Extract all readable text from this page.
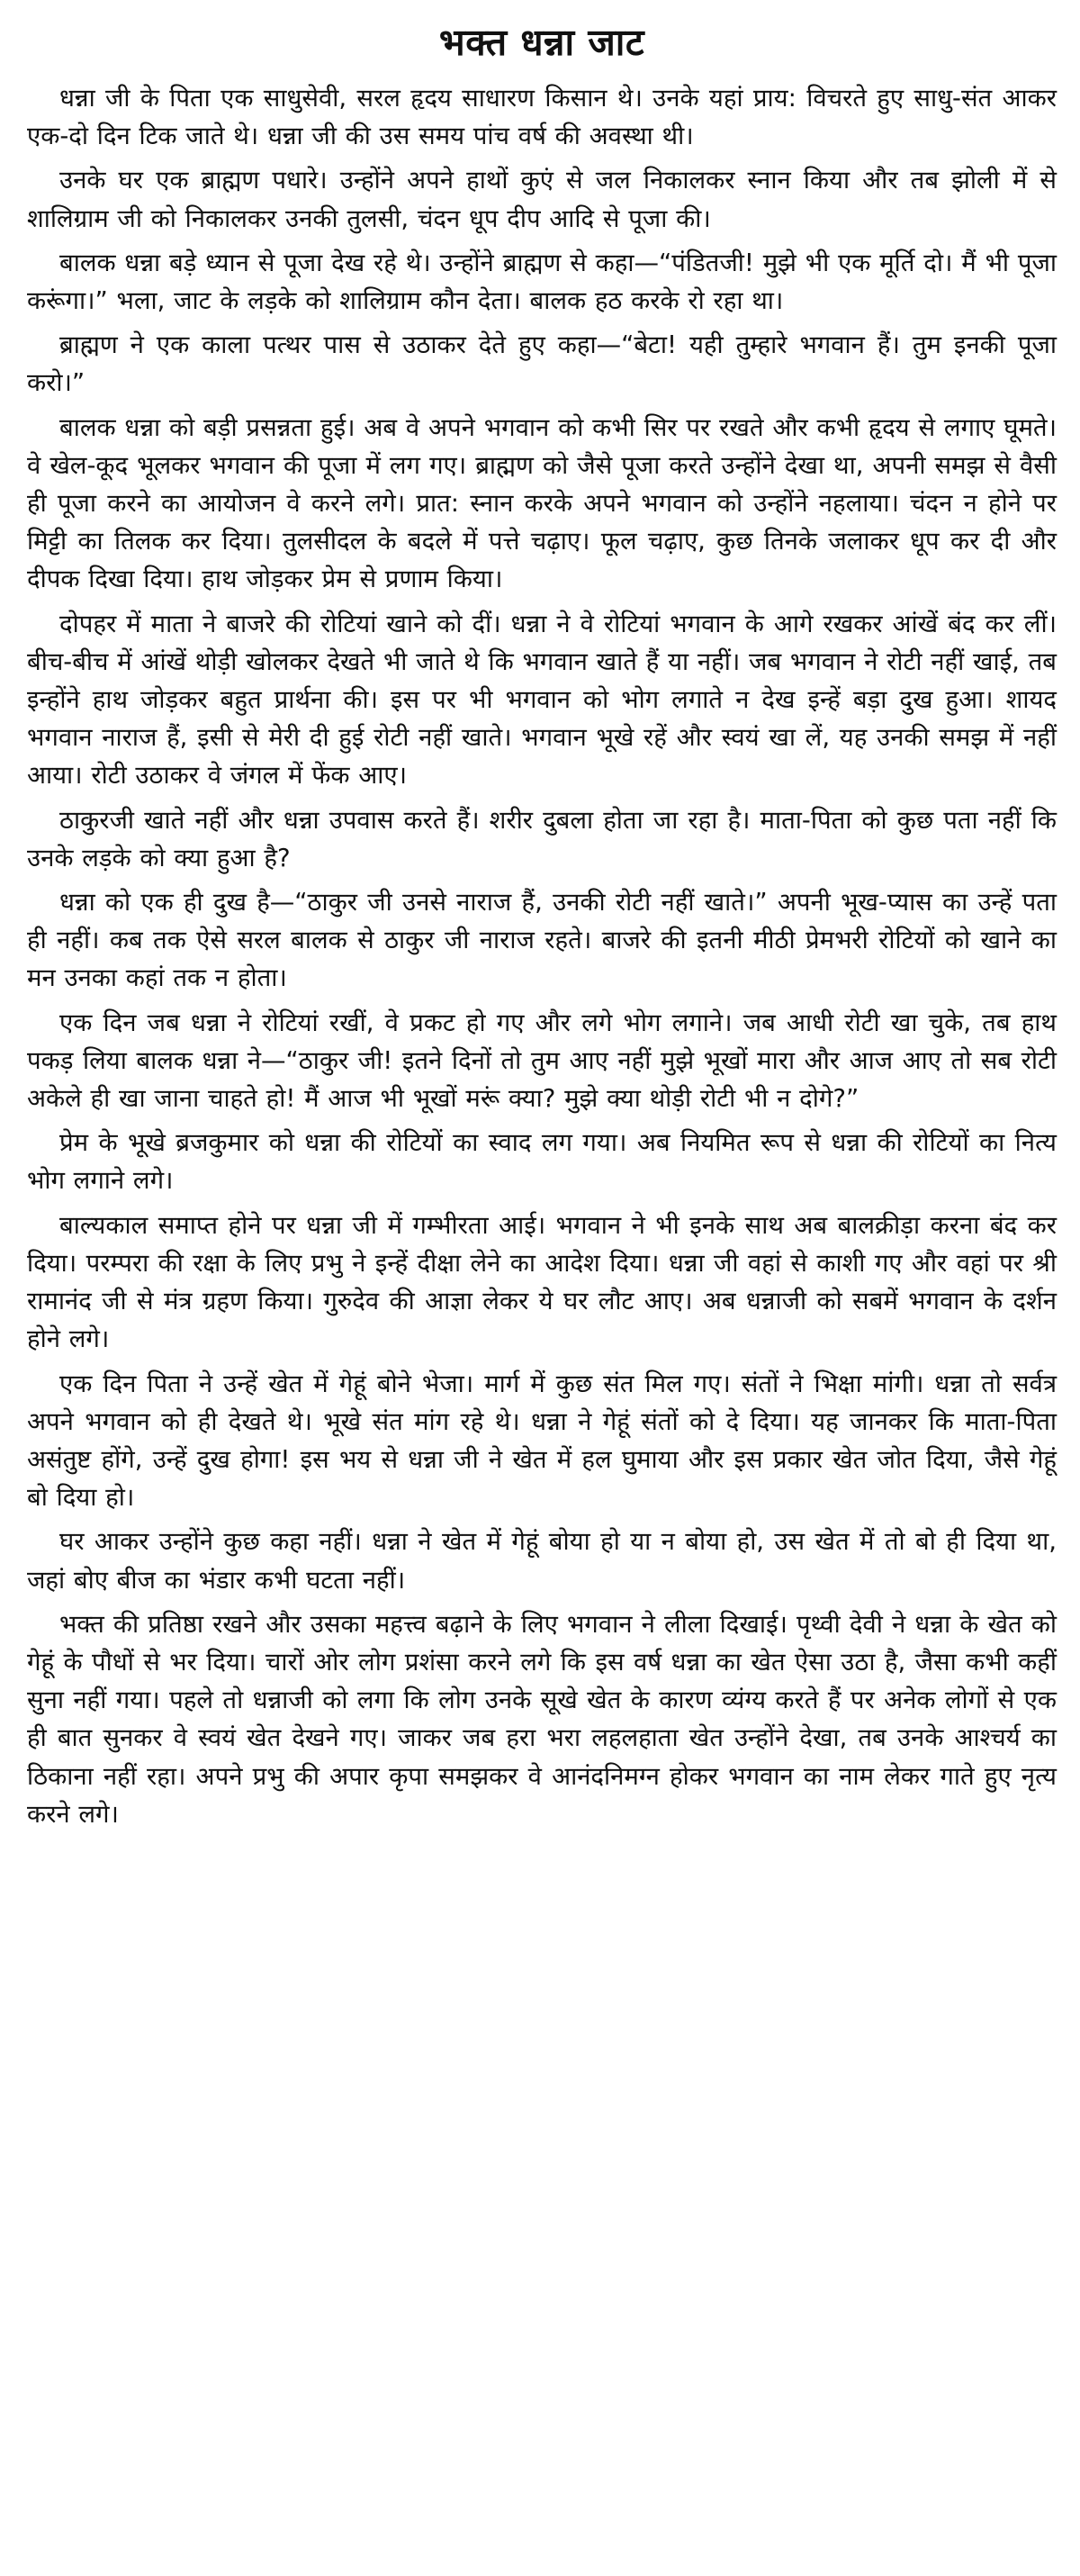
भक्त धन्ना जाट

धन्ना जी के पिता एक साधुसेवी, सरल हृदय साधारण किसान थे। उनके यहां प्राय: विचरते हुए साधु-संत आकर एक-दो दिन टिक जाते थे। धन्ना जी की उस समय पांच वर्ष की अवस्था थी।

उनके घर एक ब्राह्मण पधारे। उन्होंने अपने हाथों कुएं से जल निकालकर स्नान किया और तब झोली में से शालिग्राम जी को निकालकर उनकी तुलसी, चंदन धूप दीप आदि से पूजा की।

बालक धन्ना बड़े ध्यान से पूजा देख रहे थे। उन्होंने ब्राह्मण से कहा—“पंडितजी! मुझे भी एक मूर्ति दो। मैं भी पूजा करूंगा।” भला, जाट के लड़के को शालिग्राम कौन देता। बालक हठ करके रो रहा था।

ब्राह्मण ने एक काला पत्थर पास से उठाकर देते हुए कहा—“बेटा! यही तुम्हारे भगवान हैं। तुम इनकी पूजा करो।”

बालक धन्ना को बड़ी प्रसन्नता हुई। अब वे अपने भगवान को कभी सिर पर रखते और कभी हृदय से लगाए घूमते। वे खेल-कूद भूलकर भगवान की पूजा में लग गए। ब्राह्मण को जैसे पूजा करते उन्होंने देखा था, अपनी समझ से वैसी ही पूजा करने का आयोजन वे करने लगे। प्रात: स्नान करके अपने भगवान को उन्होंने नहलाया। चंदन न होने पर मिट्टी का तिलक कर दिया। तुलसीदल के बदले में पत्ते चढ़ाए। फूल चढ़ाए, कुछ तिनके जलाकर धूप कर दी और दीपक दिखा दिया। हाथ जोड़कर प्रेम से प्रणाम किया।

दोपहर में माता ने बाजरे की रोटियां खाने को दीं। धन्ना ने वे रोटियां भगवान के आगे रखकर आंखें बंद कर लीं। बीच-बीच में आंखें थोड़ी खोलकर देखते भी जाते थे कि भगवान खाते हैं या नहीं। जब भगवान ने रोटी नहीं खाई, तब इन्होंने हाथ जोड़कर बहुत प्रार्थना की। इस पर भी भगवान को भोग लगाते न देख इन्हें बड़ा दुख हुआ। शायद भगवान नाराज हैं, इसी से मेरी दी हुई रोटी नहीं खाते। भगवान भूखे रहें और स्वयं खा लें, यह उनकी समझ में नहीं आया। रोटी उठाकर वे जंगल में फेंक आए।

ठाकुरजी खाते नहीं और धन्ना उपवास करते हैं। शरीर दुबला होता जा रहा है। माता-पिता को कुछ पता नहीं कि उनके लड़के को क्या हुआ है?

धन्ना को एक ही दुख है—“ठाकुर जी उनसे नाराज हैं, उनकी रोटी नहीं खाते।” अपनी भूख-प्यास का उन्हें पता ही नहीं। कब तक ऐसे सरल बालक से ठाकुर जी नाराज रहते। बाजरे की इतनी मीठी प्रेमभरी रोटियों को खाने का मन उनका कहां तक न होता।

एक दिन जब धन्ना ने रोटियां रखीं, वे प्रकट हो गए और लगे भोग लगाने। जब आधी रोटी खा चुके, तब हाथ पकड़ लिया बालक धन्ना ने—“ठाकुर जी! इतने दिनों तो तुम आए नहीं मुझे भूखों मारा और आज आए तो सब रोटी अकेले ही खा जाना चाहते हो! मैं आज भी भूखों मरूं क्या? मुझे क्या थोड़ी रोटी भी न दोगे?”

प्रेम के भूखे ब्रजकुमार को धन्ना की रोटियों का स्वाद लग गया। अब नियमित रूप से धन्ना की रोटियों का नित्य भोग लगाने लगे।

बाल्यकाल समाप्त होने पर धन्ना जी में गम्भीरता आई। भगवान ने भी इनके साथ अब बालक्रीड़ा करना बंद कर दिया। परम्परा की रक्षा के लिए प्रभु ने इन्हें दीक्षा लेने का आदेश दिया। धन्ना जी वहां से काशी गए और वहां पर श्री रामानंद जी से मंत्र ग्रहण किया। गुरुदेव की आज्ञा लेकर ये घर लौट आए। अब धन्नाजी को सबमें भगवान के दर्शन होने लगे।

एक दिन पिता ने उन्हें खेत में गेहूं बोने भेजा। मार्ग में कुछ संत मिल गए। संतों ने भिक्षा मांगी। धन्ना तो सर्वत्र अपने भगवान को ही देखते थे। भूखे संत मांग रहे थे। धन्ना ने गेहूं संतों को दे दिया। यह जानकर कि माता-पिता असंतुष्ट होंगे, उन्हें दुख होगा! इस भय से धन्ना जी ने खेत में हल घुमाया और इस प्रकार खेत जोत दिया, जैसे गेहूं बो दिया हो।

घर आकर उन्होंने कुछ कहा नहीं। धन्ना ने खेत में गेहूं बोया हो या न बोया हो, उस खेत में तो बो ही दिया था, जहां बोए बीज का भंडार कभी घटता नहीं।

भक्त की प्रतिष्ठा रखने और उसका महत्त्व बढ़ाने के लिए भगवान ने लीला दिखाई। पृथ्वी देवी ने धन्ना के खेत को गेहूं के पौधों से भर दिया। चारों ओर लोग प्रशंसा करने लगे कि इस वर्ष धन्ना का खेत ऐसा उठा है, जैसा कभी कहीं सुना नहीं गया। पहले तो धन्नाजी को लगा कि लोग उनके सूखे खेत के कारण व्यंग्य करते हैं पर अनेक लोगों से एक ही बात सुनकर वे स्वयं खेत देखने गए। जाकर जब हरा भरा लहलहाता खेत उन्होंने देखा, तब उनके आश्चर्य का ठिकाना नहीं रहा। अपने प्रभु की अपार कृपा समझकर वे आनंदनिमग्न होकर भगवान का नाम लेकर गाते हुए नृत्य करने लगे।
